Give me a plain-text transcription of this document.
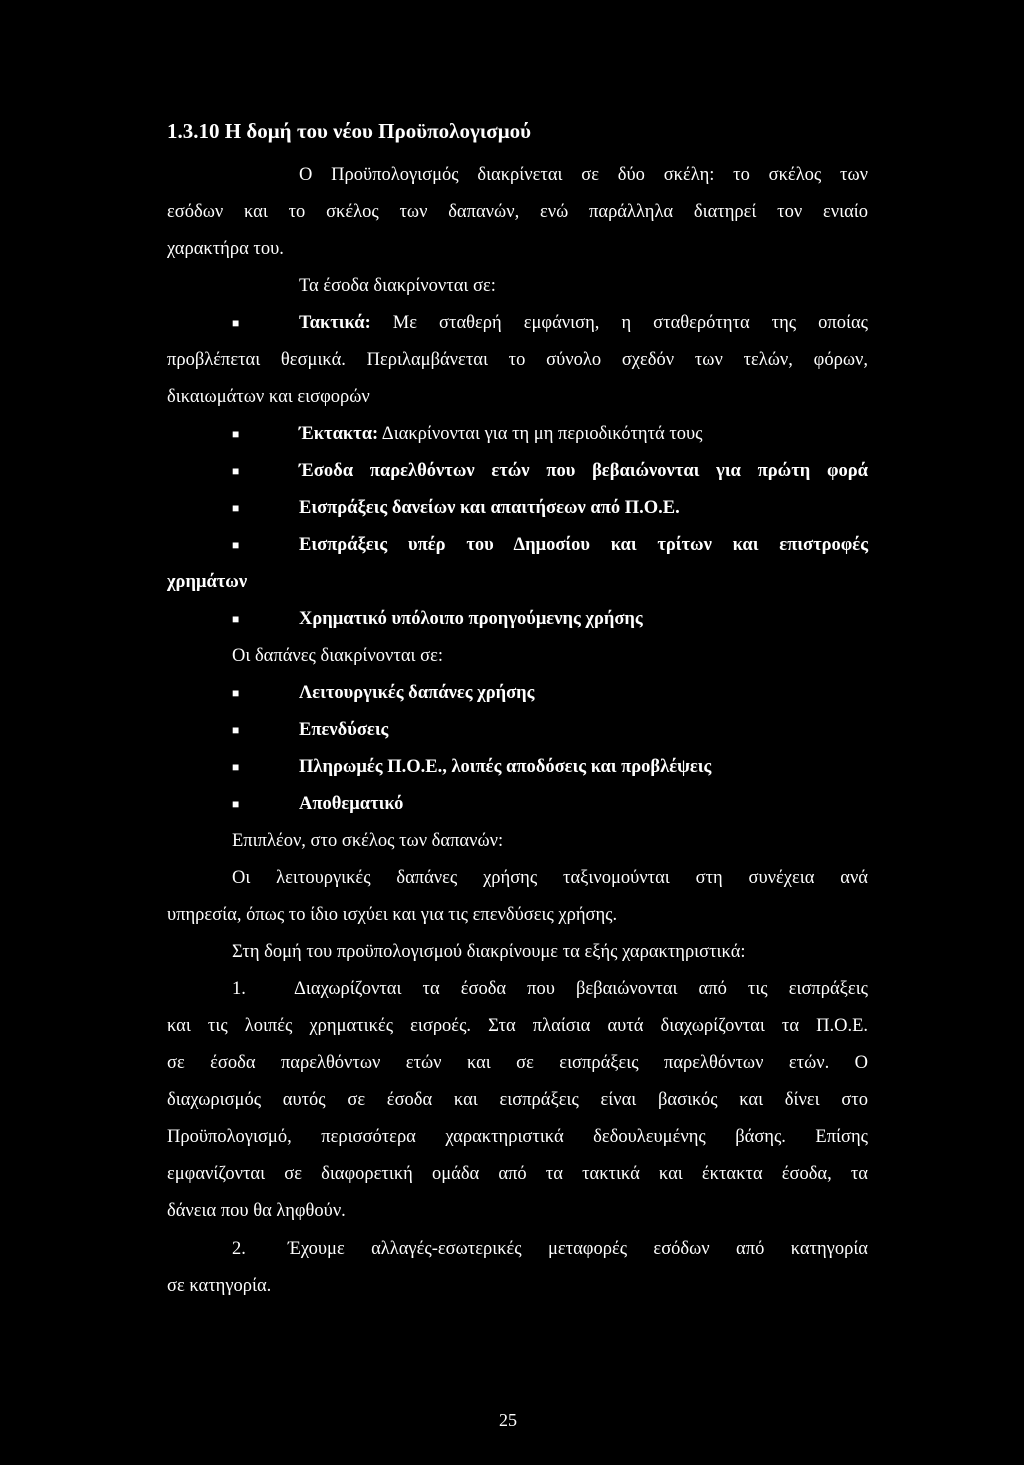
1.3.10 Η δομή του νέου Προϋπολογισμού
Ο Προϋπολογισμός διακρίνεται σε δύο σκέλη: το σκέλος των
εσόδων και το σκέλος των δαπανών, ενώ παράλληλα διατηρεί τον ενιαίο
χαρακτήρα του.
Τα έσοδα διακρίνονται σε:
■
Τακτικά: Με σταθερή εμφάνιση, η σταθερότητα της οποίας
προβλέπεται θεσμικά. Περιλαμβάνεται το σύνολο σχεδόν των τελών, φόρων,
δικαιωμάτων και εισφορών
■
Έκτακτα: Διακρίνονται για τη μη περιοδικότητά τους
■
Έσοδα παρελθόντων ετών που βεβαιώνονται για πρώτη φορά
■
Εισπράξεις δανείων και απαιτήσεων από Π.Ο.Ε.
■
Εισπράξεις υπέρ του Δημοσίου και τρίτων και επιστροφές
χρημάτων
■
Χρηματικό υπόλοιπο προηγούμενης χρήσης
Οι δαπάνες διακρίνονται σε:
■
Λειτουργικές δαπάνες χρήσης
■
Επενδύσεις
■
Πληρωμές Π.Ο.Ε., λοιπές αποδόσεις και προβλέψεις
■
Αποθεματικό
Επιπλέον, στο σκέλος των δαπανών:
Οι λειτουργικές δαπάνες χρήσης ταξινομούνται στη συνέχεια ανά
υπηρεσία, όπως το ίδιο ισχύει και για τις επενδύσεις χρήσης.
Στη δομή του προϋπολογισμού διακρίνουμε τα εξής χαρακτηριστικά:
1.	Διαχωρίζονται τα έσοδα που βεβαιώνονται από τις εισπράξεις
και τις λοιπές χρηματικές εισροές. Στα πλαίσια αυτά διαχωρίζονται τα Π.Ο.Ε.
σε έσοδα παρελθόντων ετών και σε εισπράξεις παρελθόντων ετών. Ο
διαχωρισμός αυτός σε έσοδα και εισπράξεις είναι βασικός και δίνει στο
Προϋπολογισμό, περισσότερα χαρακτηριστικά δεδουλευμένης βάσης. Επίσης
εμφανίζονται σε διαφορετική ομάδα από τα τακτικά και έκτακτα έσοδα, τα
δάνεια που θα ληφθούν.
2. Έχουμε αλλαγές-εσωτερικές μεταφορές εσόδων από κατηγορία
σε κατηγορία.
25
